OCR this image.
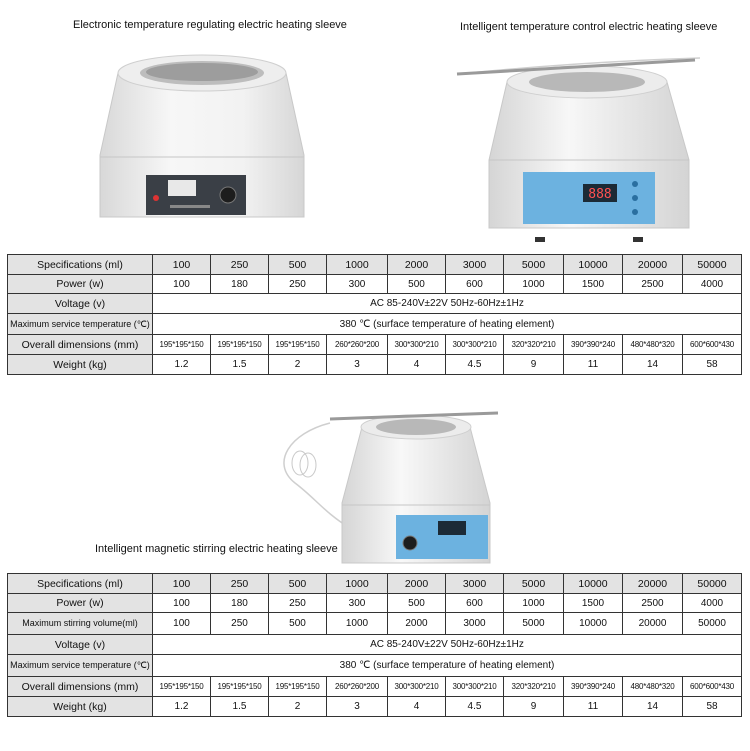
Electronic temperature regulating electric heating sleeve	Intelligent temperature control electric heating sleeve
Intelligent magnetic stirring electric heating sleeve
888
Specifications (ml)	100	250	500	1000	2000	3000	5000	10000	20000	50000
Power (w)	100	180	250	300	500	600	1000	1500	2500	4000
Voltage (v)	AC 85-240V±22V 50Hz-60Hz±1Hz									
Maximum service temperature (℃)	380 ℃ (surface temperature of heating element)									
Overall dimensions (mm)	195*195*150	195*195*150	195*195*150	260*260*200	300*300*210	300*300*210	320*320*210	390*390*240	480*480*320	600*600*430
Weight (kg)	1.2	1.5	2	3	4	4.5	9	11	14	58
Specifications (ml)	100	250	500	1000	2000	3000	5000	10000	20000	50000
Power (w)	100	180	250	300	500	600	1000	1500	2500	4000
Maximum stirring volume(ml)	100	250	500	1000	2000	3000	5000	10000	20000	50000
Voltage (v)	AC 85-240V±22V 50Hz-60Hz±1Hz									
Maximum service temperature (℃)	380 ℃ (surface temperature of heating element)									
Overall dimensions (mm)	195*195*150	195*195*150	195*195*150	260*260*200	300*300*210	300*300*210	320*320*210	390*390*240	480*480*320	600*600*430
Weight (kg)	1.2	1.5	2	3	4	4.5	9	11	14	58
